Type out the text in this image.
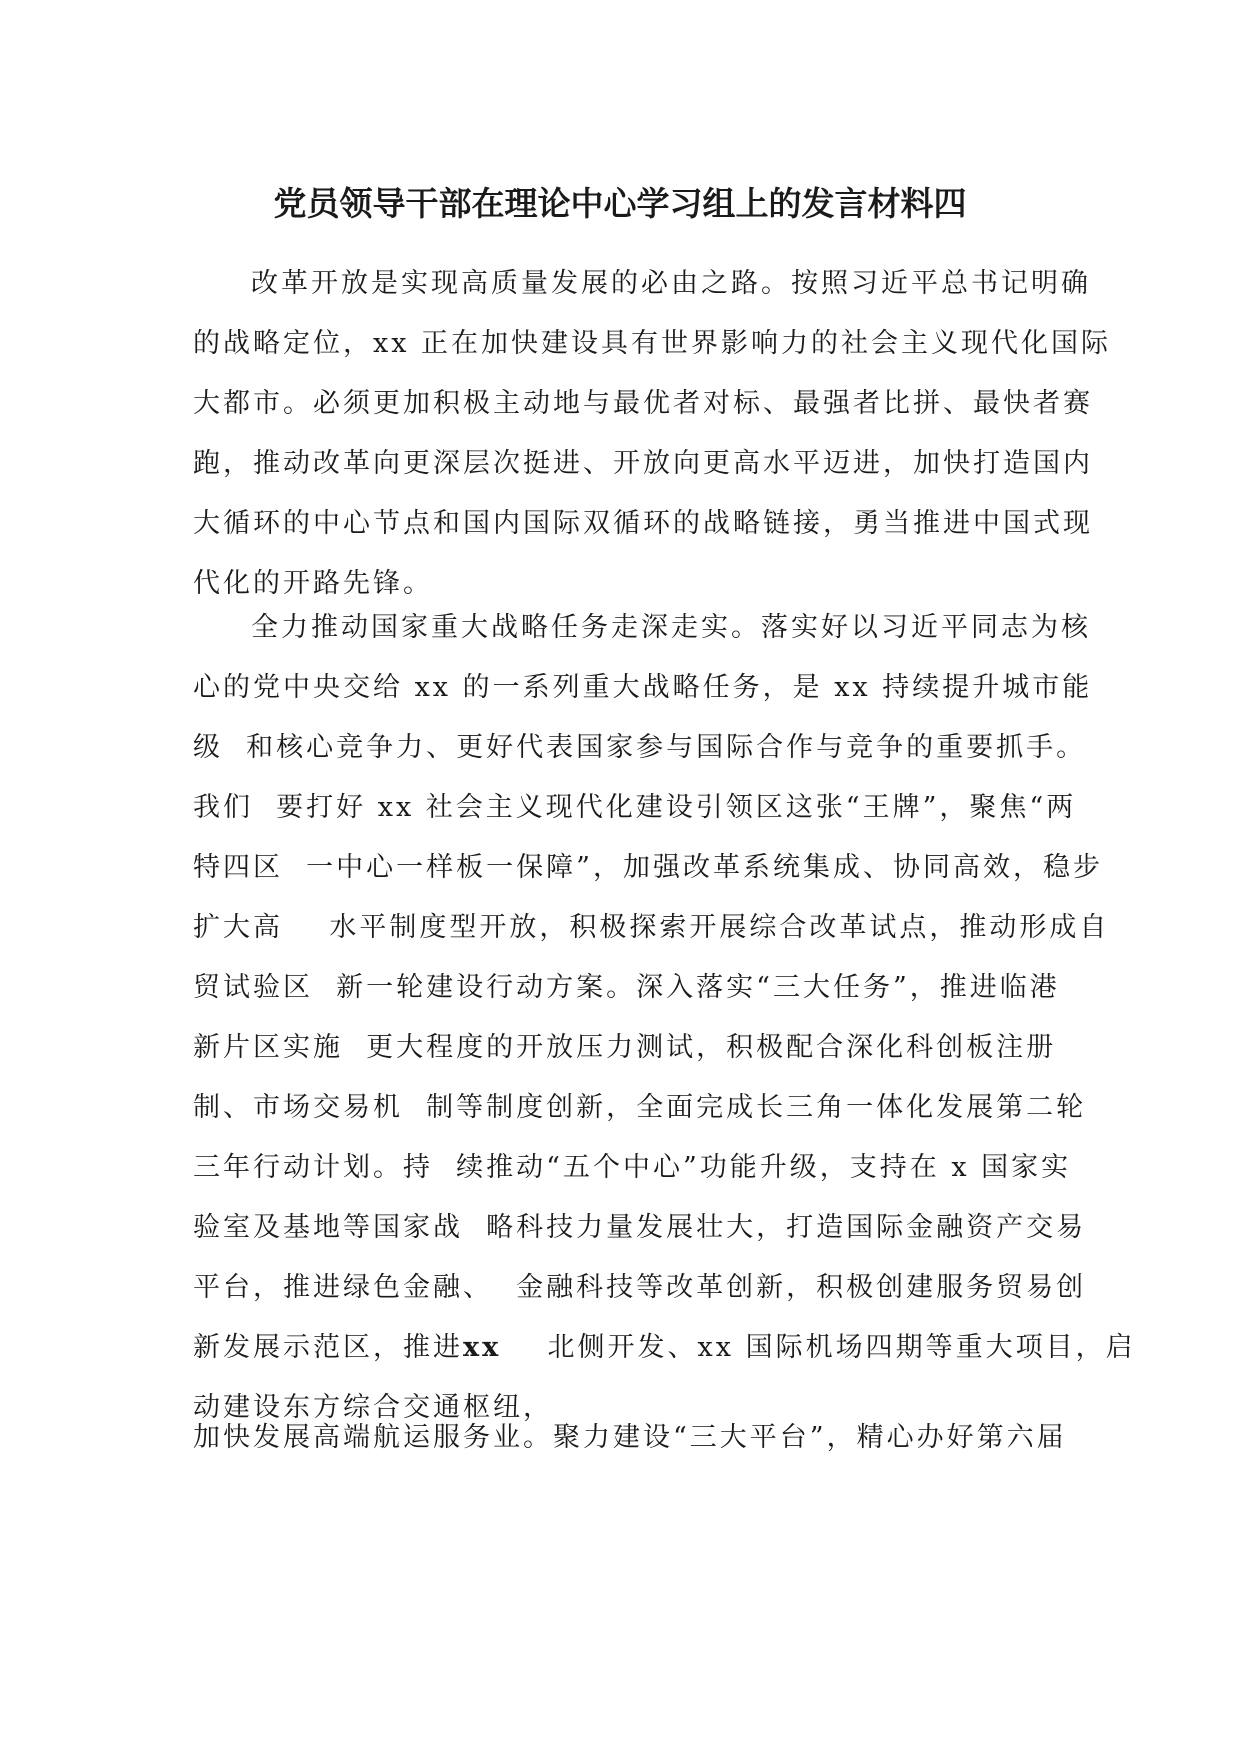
党员领导干部在理论中心学习组上的发言材料四
改革开放是实现高质量发展的必由之路。按照习近平总书记明确
的战略定位，xx 正在加快建设具有世界影响力的社会主义现代化国际
大都市。必须更加积极主动地与最优者对标、最强者比拼、最快者赛
跑，推动改革向更深层次挺进、开放向更高水平迈进，加快打造国内
大循环的中心节点和国内国际双循环的战略链接，勇当推进中国式现
代化的开路先锋。
全力推动国家重大战略任务走深走实。落实好以习近平同志为核
心的党中央交给 xx 的一系列重大战略任务，是 xx 持续提升城市能
级  和核心竞争力、更好代表国家参与国际合作与竞争的重要抓手。
我们  要打好 xx 社会主义现代化建设引领区这张“王牌”，聚焦“两
特四区  一中心一样板一保障”，加强改革系统集成、协同高效，稳步
扩大高    水平制度型开放，积极探索开展综合改革试点，推动形成自
贸试验区  新一轮建设行动方案。深入落实“三大任务”，推进临港
新片区实施  更大程度的开放压力测试，积极配合深化科创板注册
制、市场交易机  制等制度创新，全面完成长三角一体化发展第二轮
三年行动计划。持  续推动“五个中心”功能升级，支持在 x 国家实
验室及基地等国家战  略科技力量发展壮大，打造国际金融资产交易
平台，推进绿色金融、  金融科技等改革创新，积极创建服务贸易创
新发展示范区，推进xx 北侧开发、xx 国际机场四期等重大项目，启
动建设东方综合交通枢纽，
加快发展高端航运服务业。聚力建设“三大平台”，精心办好第六届
